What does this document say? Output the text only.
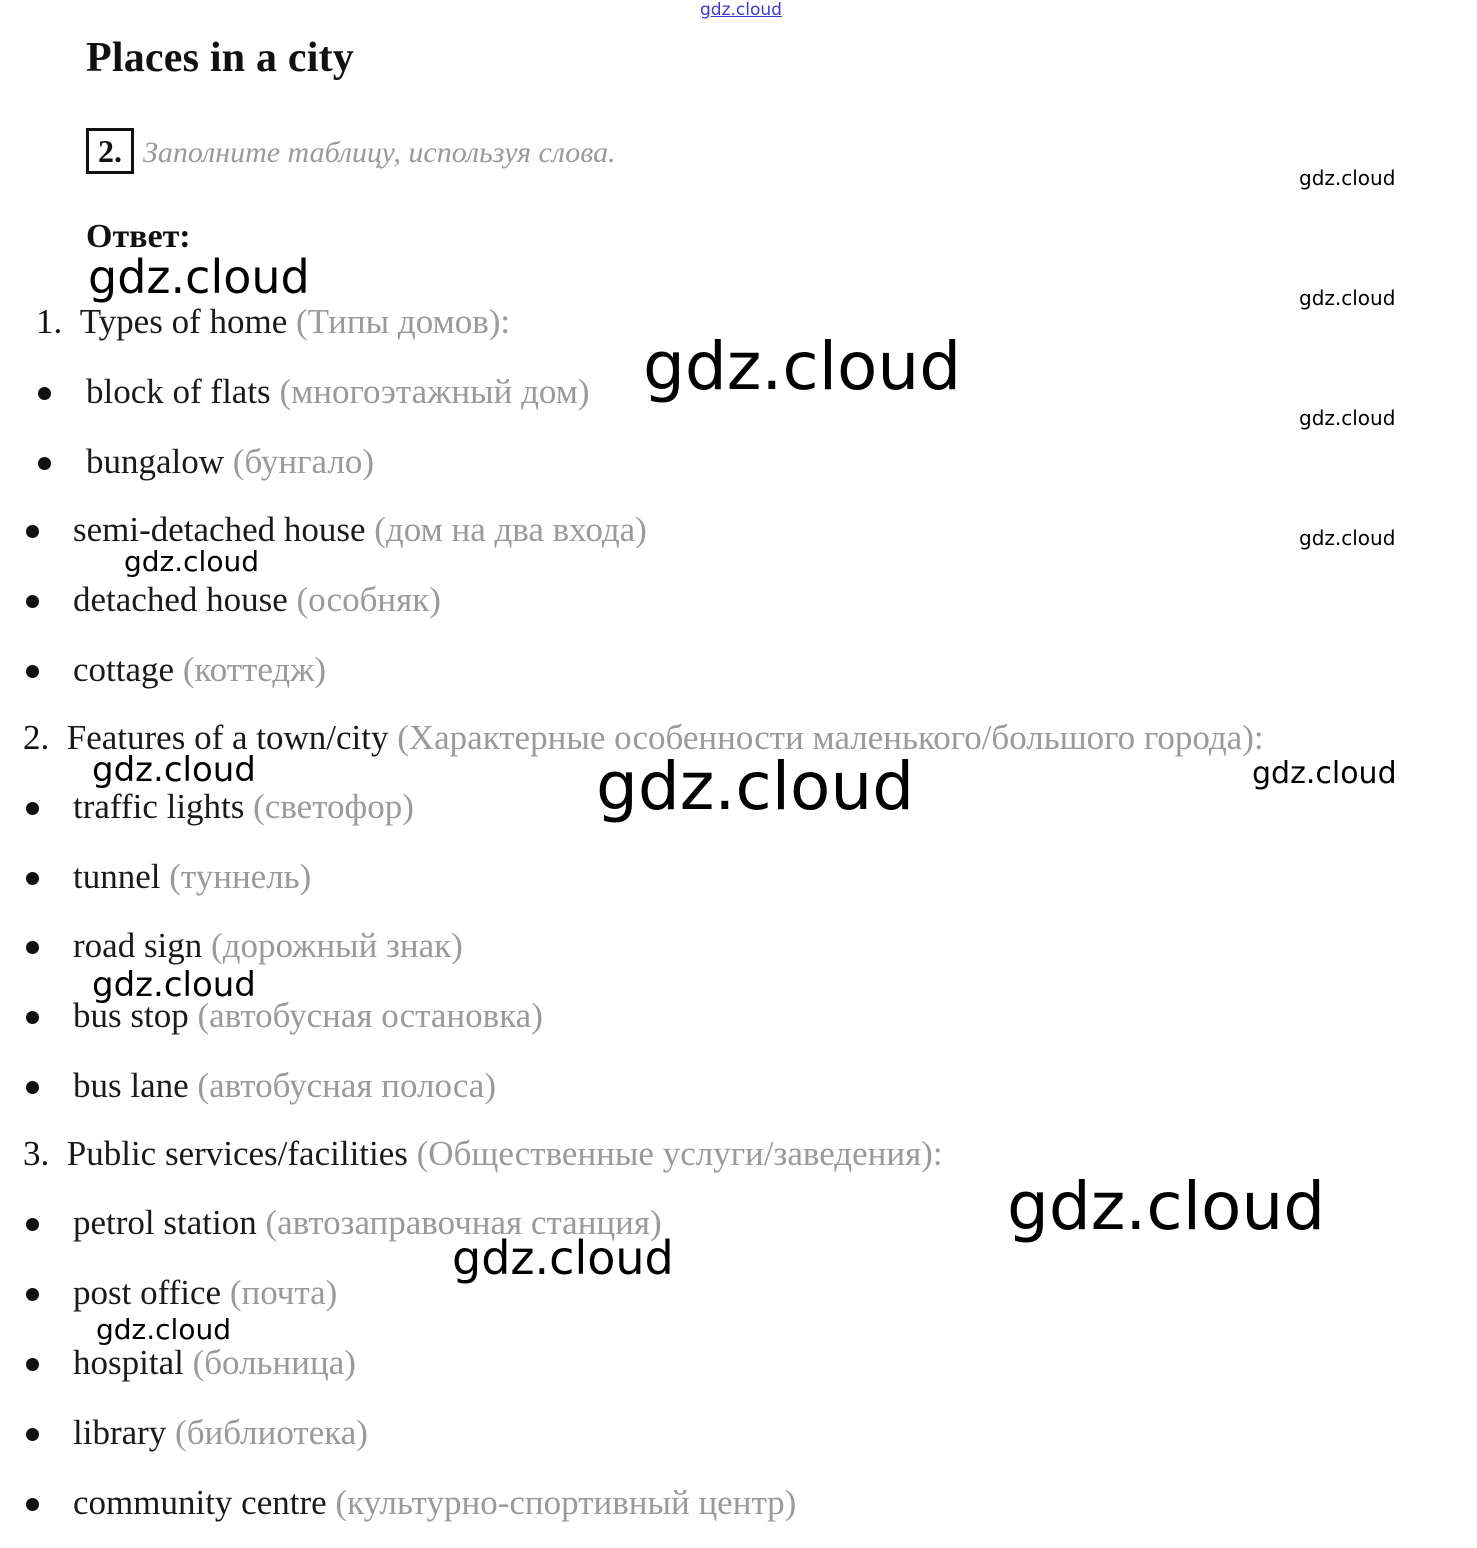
gdz.cloud
Places in a city
2. Заполните таблицу, используя слова.
Ответ:
1. Types of home (Типы домов):
block of flats (многоэтажный дом)
bungalow (бунгало)
semi-detached house (дом на два входа)
detached house (особняк)
cottage (коттедж)
2. Features of a town/city (Характерные особенности маленького/большого города):
traffic lights (светофор)
tunnel (туннель)
road sign (дорожный знак)
bus stop (автобусная остановка)
bus lane (автобусная полоса)
3. Public services/facilities (Общественные услуги/заведения):
petrol station (автозаправочная станция)
post office (почта)
hospital (больница)
library (библиотека)
community centre (культурно-спортивный центр)
gdz.cloud
gdz.cloud
gdz.cloud
gdz.cloud
gdz.cloud
gdz.cloud
gdz.cloud
gdz.cloud	gdz.cloud	gdz.cloud
gdz.cloud
gdz.cloud
gdz.cloud
gdz.cloud
